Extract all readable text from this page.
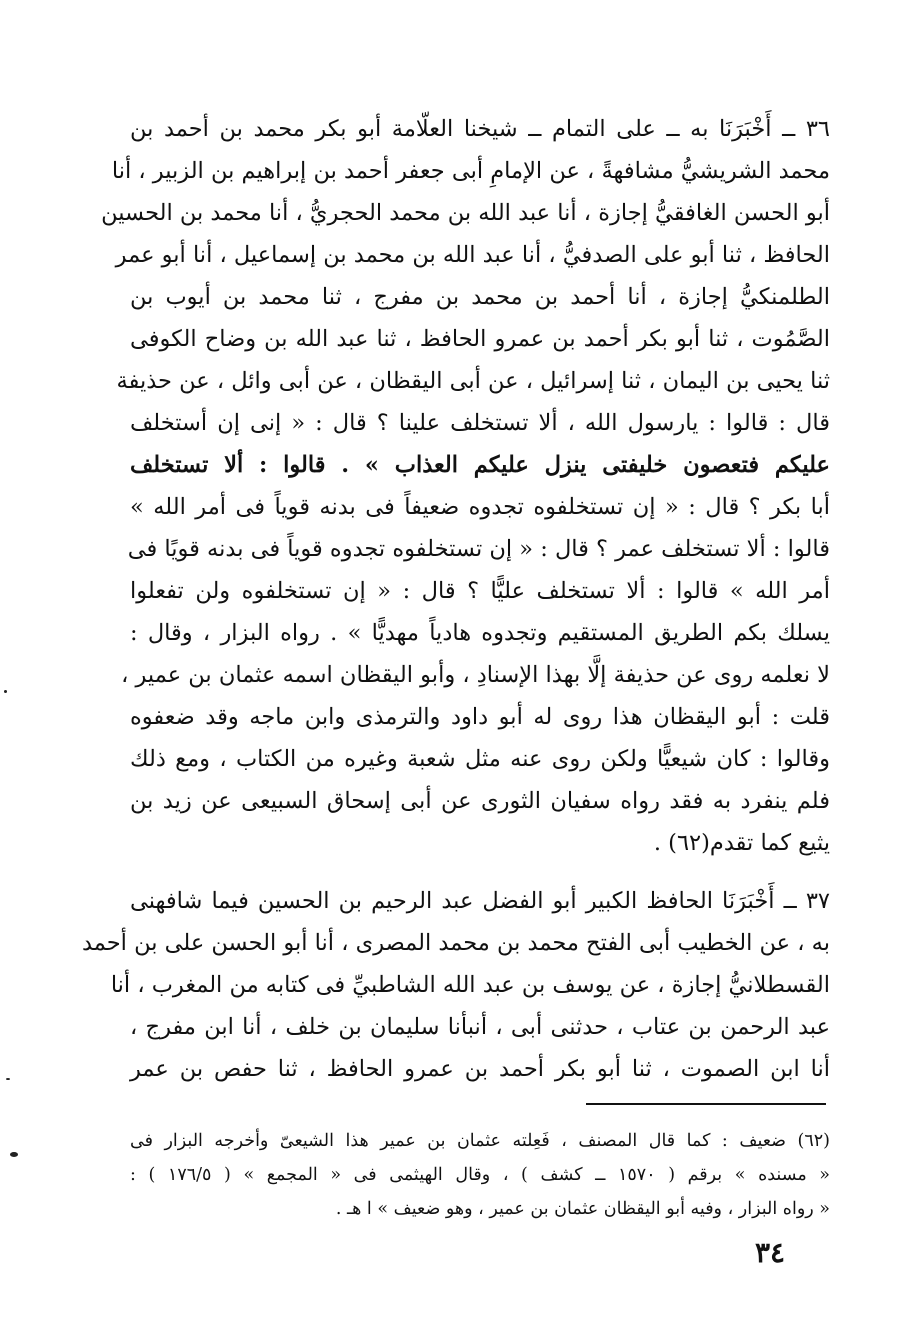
٣٦ ــ أَخْبَرَنَا به ــ على التمام ــ شيخنا العلّامة أبو بكر محمد بن أحمد بن
محمد الشريشيُّ مشافهةً ، عن الإمامِ أبى جعفر أحمد بن إبراهيم بن الزبير ، أنا
أبو الحسن الغافقيُّ إجازة ، أنا عبد الله بن محمد الحجريُّ ، أنا محمد بن الحسين
الحافظ ، ثنا أبو على الصدفيُّ ، أنا عبد الله بن محمد بن إسماعيل ، أنا أبو عمر
الطلمنكيُّ إجازة ، أنا أحمد بن محمد بن مفرج ، ثنا محمد بن أيوب بن
الصَّمُوت ، ثنا أبو بكر أحمد بن عمرو الحافظ ، ثنا عبد الله بن وضاح الكوفى
ثنا يحيى بن اليمان ، ثنا إسرائيل ، عن أبى اليقظان ، عن أبى وائل ، عن حذيفة
قال : قالوا : يارسول الله ، ألا تستخلف علينا ؟ قال : « إنى إن أستخلف
عليكم فتعصون خليفتى ينزل عليكم العذاب » . قالوا : ألا تستخلف
أبا بكر ؟ قال : « إن تستخلفوه تجدوه ضعيفاً فى بدنه قوياً فى أمر الله »
قالوا : ألا تستخلف عمر ؟ قال : « إن تستخلفوه تجدوه قوياً فى بدنه قويًا فى
أمر الله » قالوا : ألا تستخلف عليًّا ؟ قال : « إن تستخلفوه ولن تفعلوا
يسلك بكم الطريق المستقيم وتجدوه هادياً مهديًّا » . رواه البزار ، وقال :
لا نعلمه روى عن حذيفة إلَّا بهذا الإسنادِ ، وأبو اليقظان اسمه عثمان بن عمير ،
قلت : أبو اليقظان هذا روى له أبو داود والترمذى وابن ماجه وقد ضعفوه
وقالوا : كان شيعيًّا ولكن روى عنه مثل شعبة وغيره من الكتاب ، ومع ذلك
فلم ينفرد به فقد رواه سفيان الثورى عن أبى إسحاق السبيعى عن زيد بن
يثيع كما تقدم(٦٢) .
٣٧ ــ أَخْبَرَنَا الحافظ الكبير أبو الفضل عبد الرحيم بن الحسين فيما شافهنى
به ، عن الخطيب أبى الفتح محمد بن محمد المصرى ، أنا أبو الحسن على بن أحمد
القسطلانيُّ إجازة ، عن يوسف بن عبد الله الشاطبيِّ فى كتابه من المغرب ، أنا
عبد الرحمن بن عتاب ، حدثنى أبى ، أنبأنا سليمان بن خلف ، أنا ابن مفرج ،
أنا ابن الصموت ، ثنا أبو بكر أحمد بن عمرو الحافظ ، ثنا حفص بن عمر
(٦٢) ضعيف : كما قال المصنف ، فَعِلته عثمان بن عمير هذا الشيعىّ وأخرجه البزار فى
« مسنده » برقم ( ١٥٧٠ ــ كشف ) ، وقال الهيثمى فى « المجمع » ( ١٧٦/٥ ) :
« رواه البزار ، وفيه أبو اليقظان عثمان بن عمير ، وهو ضعيف » ا هـ .
٣٤
